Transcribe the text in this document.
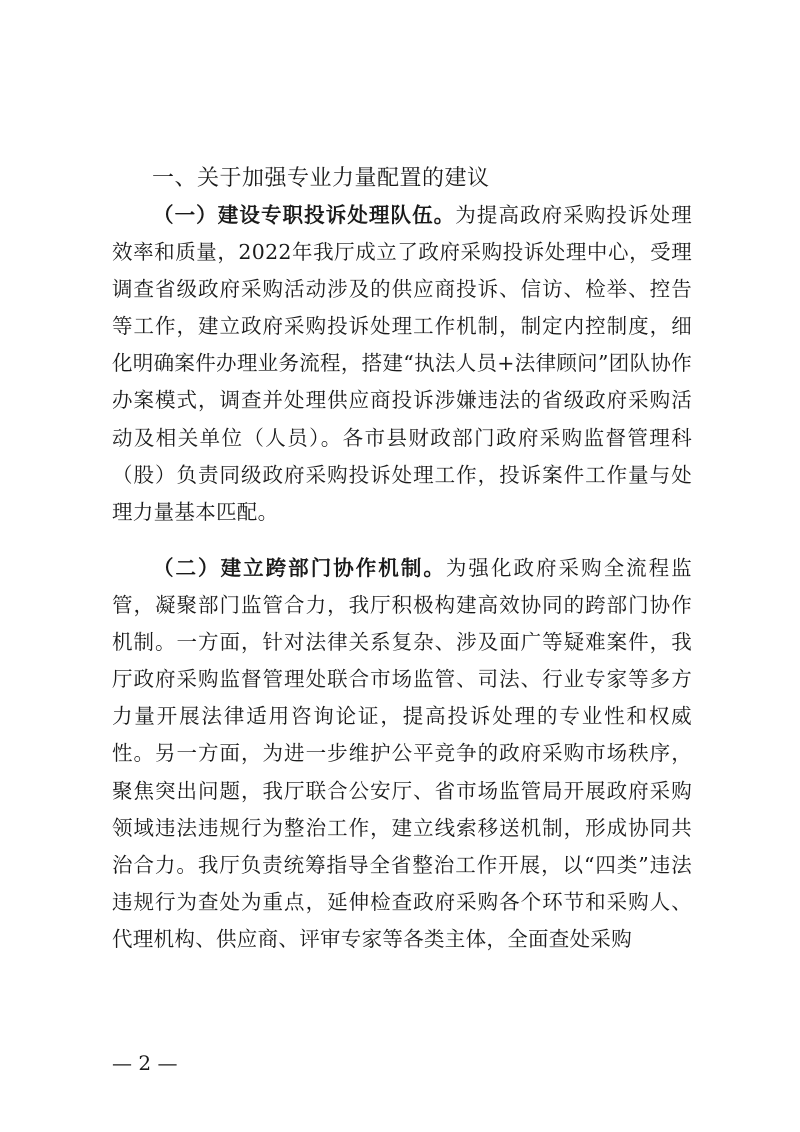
一、关于加强专业力量配置的建议

（一）建设专职投诉处理队伍。为提高政府采购投诉处理效率和质量，2022年我厅成立了政府采购投诉处理中心，受理调查省级政府采购活动涉及的供应商投诉、信访、检举、控告等工作，建立政府采购投诉处理工作机制，制定内控制度，细化明确案件办理业务流程，搭建“执法人员+法律顾问”团队协作办案模式，调查并处理供应商投诉涉嫌违法的省级政府采购活动及相关单位（人员）。各市县财政部门政府采购监督管理科（股）负责同级政府采购投诉处理工作，投诉案件工作量与处理力量基本匹配。

（二）建立跨部门协作机制。为强化政府采购全流程监管，凝聚部门监管合力，我厅积极构建高效协同的跨部门协作机制。一方面，针对法律关系复杂、涉及面广等疑难案件，我厅政府采购监督管理处联合市场监管、司法、行业专家等多方力量开展法律适用咨询论证，提高投诉处理的专业性和权威性。另一方面，为进一步维护公平竞争的政府采购市场秩序，聚焦突出问题，我厅联合公安厅、省市场监管局开展政府采购领域违法违规行为整治工作，建立线索移送机制，形成协同共治合力。我厅负责统筹指导全省整治工作开展，以“四类”违法违规行为查处为重点，延伸检查政府采购各个环节和采购人、代理机构、供应商、评审专家等各类主体，全面查处采购

— 2 —
